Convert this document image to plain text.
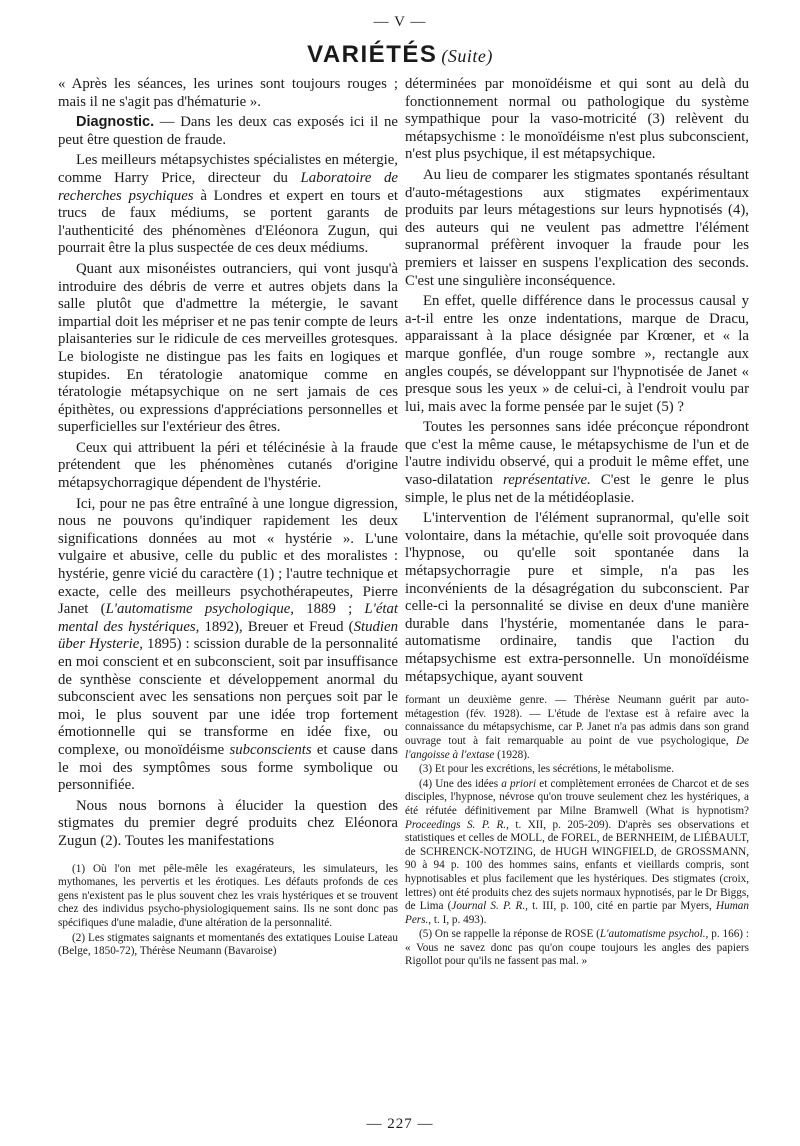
— V —
VARIÉTÉS (Suite)

« Après les séances, les urines sont toujours rouges ; mais il ne s'agit pas d'hématurie ».

Diagnostic. — Dans les deux cas exposés ici il ne peut être question de fraude.

Les meilleurs métapsychistes spécialistes en métergie, comme Harry Price, directeur du Laboratoire de recherches psychiques à Londres et expert en tours et trucs de faux médiums, se portent garants de l'authenticité des phénomènes d'Eléonora Zugun, qui pourrait être la plus suspectée de ces deux médiums.

Quant aux misonéistes outranciers, qui vont jusqu'à introduire des débris de verre et autres objets dans la salle plutôt que d'admettre la métergie, le savant impartial doit les mépriser et ne pas tenir compte de leurs plaisanteries sur le ridicule de ces merveilles grotesques. Le biologiste ne distingue pas les faits en logiques et stupides. En tératologie anatomique comme en tératologie métapsychique on ne sert jamais de ces épithètes, ou expressions d'appréciations personnelles et superficielles sur l'extérieur des êtres.

Ceux qui attribuent la péri et télécinésie à la fraude prétendent que les phénomènes cutanés d'origine métapsychorragique dépendent de l'hystérie.

Ici, pour ne pas être entraîné à une longue digression, nous ne pouvons qu'indiquer rapidement les deux significations données au mot « hystérie ». L'une vulgaire et abusive, celle du public et des moralistes : hystérie, genre vicié du caractère (1) ; l'autre technique et exacte, celle des meilleurs psychothérapeutes, Pierre Janet (L'automatisme psychologique, 1889 ; L'état mental des hystériques, 1892), Breuer et Freud (Studien über Hysterie, 1895) : scission durable de la personnalité en moi conscient et en subconscient, soit par insuffisance de synthèse consciente et développement anormal du subconscient avec les sensations non perçues soit par le moi, le plus souvent par une idée trop fortement émotionnelle qui se transforme en idée fixe, ou complexe, ou monoïdéisme subconscients et cause dans le moi des symptômes sous forme symbolique ou personnifiée.

Nous nous bornons à élucider la question des stigmates du premier degré produits chez Eléonora Zugun (2). Toutes les manifestations

(1) Où l'on met pêle-mêle les exagérateurs, les simulateurs, les mythomanes, les pervertis et les érotiques. Les défauts profonds de ces gens n'existent pas le plus souvent chez les vrais hystériques et se trouvent chez des individus psycho-physiologiquement sains. Ils ne sont donc pas spécifiques d'une maladie, d'une altération de la personnalité.

(2) Les stigmates saignants et momentanés des extatiques Louise Lateau (Belge, 1850-72), Thérèse Neumann (Bavaroise)

déterminées par monoïdéisme et qui sont au delà du fonctionnement normal ou pathologique du système sympathique pour la vaso-motricité (3) relèvent du métapsychisme : le monoïdéisme n'est plus subconscient, n'est plus psychique, il est métapsychique.

Au lieu de comparer les stigmates spontanés résultant d'auto-métagestions aux stigmates expérimentaux produits par leurs métagestions sur leurs hypnotisés (4), des auteurs qui ne veulent pas admettre l'élément supranormal préfèrent invoquer la fraude pour les premiers et laisser en suspens l'explication des seconds. C'est une singulière inconséquence.

En effet, quelle différence dans le processus causal y a-t-il entre les onze indentations, marque de Dracu, apparaissant à la place désignée par Krœner, et « la marque gonflée, d'un rouge sombre », rectangle aux angles coupés, se développant sur l'hypnotisée de Janet « presque sous les yeux » de celui-ci, à l'endroit voulu par lui, mais avec la forme pensée par le sujet (5) ?

Toutes les personnes sans idée préconçue répondront que c'est la même cause, le métapsychisme de l'un et de l'autre individu observé, qui a produit le même effet, une vaso-dilatation représentative. C'est le genre le plus simple, le plus net de la métidéoplasie.

L'intervention de l'élément supranormal, qu'elle soit volontaire, dans la métachie, qu'elle soit provoquée dans l'hypnose, ou qu'elle soit spontanée dans la métapsychorragie pure et simple, n'a pas les inconvénients de la désagrégation du subconscient. Par celle-ci la personnalité se divise en deux d'une manière durable dans l'hystérie, momentanée dans le para-automatisme ordinaire, tandis que l'action du métapsychisme est extra-personnelle. Un monoïdéisme métapsychique, ayant souvent

formant un deuxième genre. — Thérèse Neumann guérit par auto-métagestion (fév. 1928). — L'étude de l'extase est à refaire avec la connaissance du métapsychisme, car P. Janet n'a pas admis dans son grand ouvrage tout à fait remarquable au point de vue psychologique, De l'angoisse à l'extase (1928).

(3) Et pour les excrétions, les sécrétions, le métabolisme.

(4) Une des idées a priori et complètement erronées de Charcot et de ses disciples, l'hypnose, névrose qu'on trouve seulement chez les hystériques, a été réfutée définitivement par Milne Bramwell (What is hypnotism? Proceedings S. P. R., t. XII, p. 205-209). D'après ses observations et statistiques et celles de MOLL, de FOREL, de BERNHEIM, de LIÉBAULT, de SCHRENCK-NOTZING, de HUGH WINGFIELD, de GROSSMANN, 90 à 94 p. 100 des hommes sains, enfants et vieillards compris, sont hypnotisables et plus facilement que les hystériques. Des stigmates (croix, lettres) ont été produits chez des sujets normaux hypnotisés, par le Dr Biggs, de Lima (Journal S. P. R., t. III, p. 100, cité en partie par Myers, Human Pers., t. I, p. 493).

(5) On se rappelle la réponse de ROSE (L'automatisme psychol., p. 166) : « Vous ne savez donc pas qu'on coupe toujours les angles des papiers Rigollot pour qu'ils ne fassent pas mal. »

— 227 —
